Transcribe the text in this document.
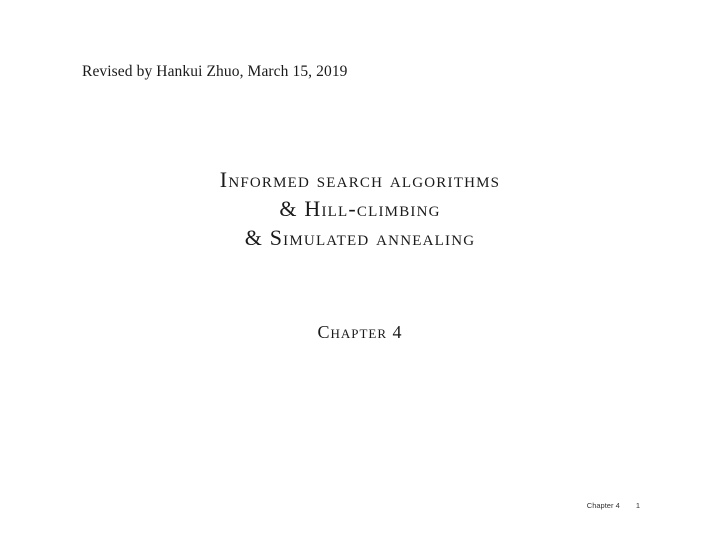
Revised by Hankui Zhuo, March 15, 2019
Informed search algorithms
& Hill-climbing
& Simulated annealing
Chapter 4
Chapter 4 1
